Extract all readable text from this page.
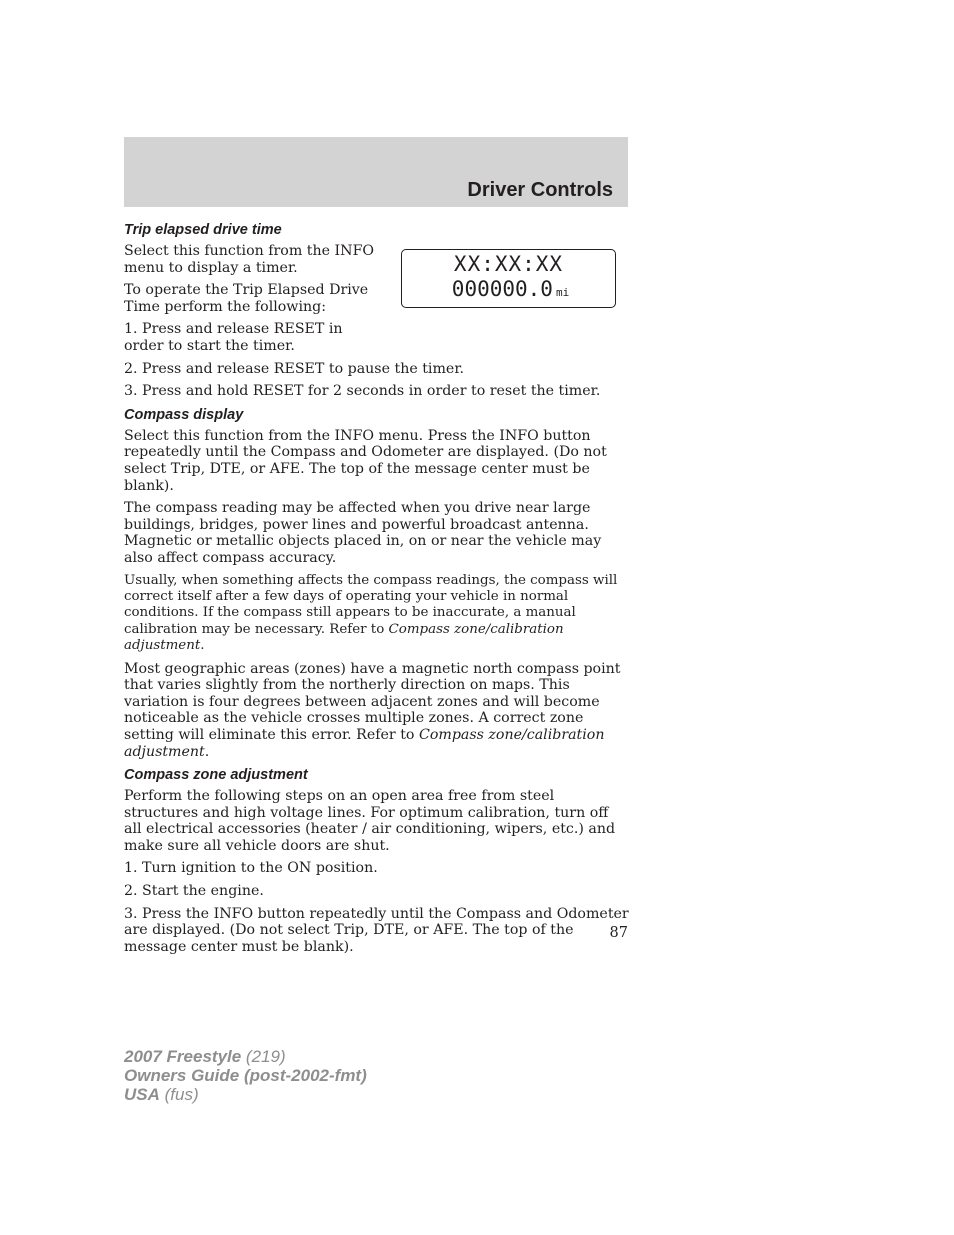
Driver Controls
Trip elapsed drive time

Select this function from the INFO menu to display a timer.

To operate the Trip Elapsed Drive Time perform the following:

1. Press and release RESET in order to start the timer.

XX:XX:XX
000000.0 mi

2. Press and release RESET to pause the timer.

3. Press and hold RESET for 2 seconds in order to reset the timer.

Compass display

Select this function from the INFO menu. Press the INFO button repeatedly until the Compass and Odometer are displayed. (Do not select Trip, DTE, or AFE. The top of the message center must be blank).

The compass reading may be affected when you drive near large buildings, bridges, power lines and powerful broadcast antenna. Magnetic or metallic objects placed in, on or near the vehicle may also affect compass accuracy.

Usually, when something affects the compass readings, the compass will correct itself after a few days of operating your vehicle in normal conditions. If the compass still appears to be inaccurate, a manual calibration may be necessary. Refer to Compass zone/calibration adjustment.

Most geographic areas (zones) have a magnetic north compass point that varies slightly from the northerly direction on maps. This variation is four degrees between adjacent zones and will become noticeable as the vehicle crosses multiple zones. A correct zone setting will eliminate this error. Refer to Compass zone/calibration adjustment.

Compass zone adjustment

Perform the following steps on an open area free from steel structures and high voltage lines. For optimum calibration, turn off all electrical accessories (heater / air conditioning, wipers, etc.) and make sure all vehicle doors are shut.

1. Turn ignition to the ON position.

2. Start the engine.

3. Press the INFO button repeatedly until the Compass and Odometer are displayed. (Do not select Trip, DTE, or AFE. The top of the message center must be blank).

87
2007 Freestyle (219)
Owners Guide (post-2002-fmt)
USA (fus)
